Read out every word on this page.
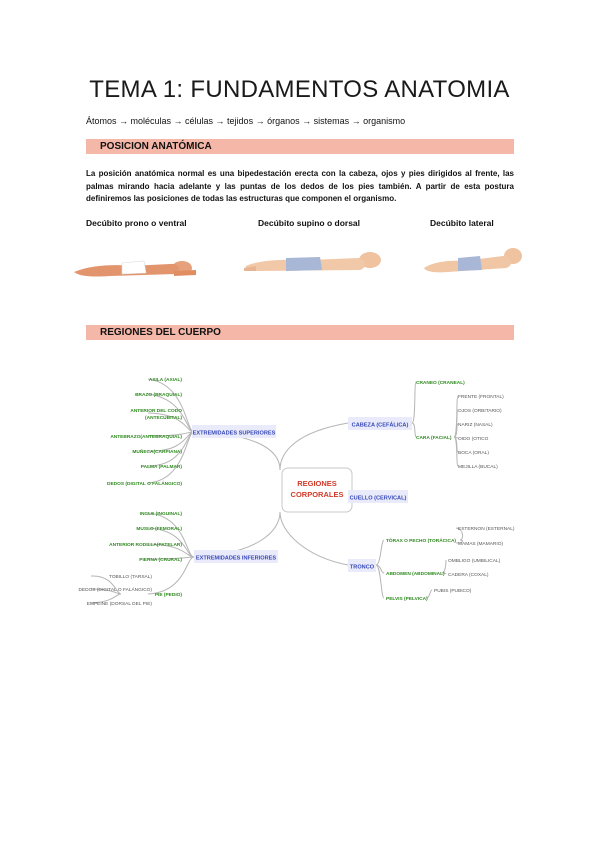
TEMA 1: FUNDAMENTOS ANATOMIA
Átomos → moléculas → células → tejidos → órganos → sistemas → organismo
POSICION ANATÓMICA
La posición anatómica normal es una bipedestación erecta con la cabeza, ojos y pies dirigidos al frente, las palmas mirando hacia adelante y las puntas de los dedos de los pies también. A partir de esta postura definiremos las posiciones de todas las estructuras que componen el organismo.
Decúbito prono o ventral	Decúbito supino o dorsal	Decúbito lateral
REGIONES DEL CUERPO
REGIONES
CORPORALES
EXTREMIDADES SUPERIORES
EXTREMIDADES INFERIORES
CABEZA (CEFÁLICA)
CUELLO (CERVICAL)
TRONCO
AXILA (AXIAL)
BRAZO (BRAQUIAL)
ANTERIOR DEL CODO
(ANTECUBITAL)
ANTEBRAZO(ANTEBRAQUIAL)
MUÑECA(CARPIANA)
PALMA (PALMAR)
DEDOS (DIGITAL O FALÁNGICO)
INGLE (INGUINAL)
MUSLO (FEMORAL)
ANTERIOR RODILLA(PATELAR)
PIERNA (CRURAL)
PIE (PEDIO)
TOBILLO (TARSAL)
DEDOS (DIGITAL O FALÁNGICO)
EMPEINE (DORSAL DEL PIE)
CRANEO (CRANEAL)
CARA (FACIAL)
FRENTE (FRONTAL)
OJOS (ORBITARIO)
NARIZ (NASAL)
OIDO (OTICO
BOCA (ORAL)
MEJILLA (BUCAL)
TÓRAX O PECHO (TORÁCICA)
ABDOMEN (ABDOMINAL)
PELVIS (PELVICA)
ESTERNON (ESTERNAL)
MAMAS (MAMARIO)
OMBLIGO (UMBILICAL)
CADERA (COXAL)
PUBIS (PUBICO)
